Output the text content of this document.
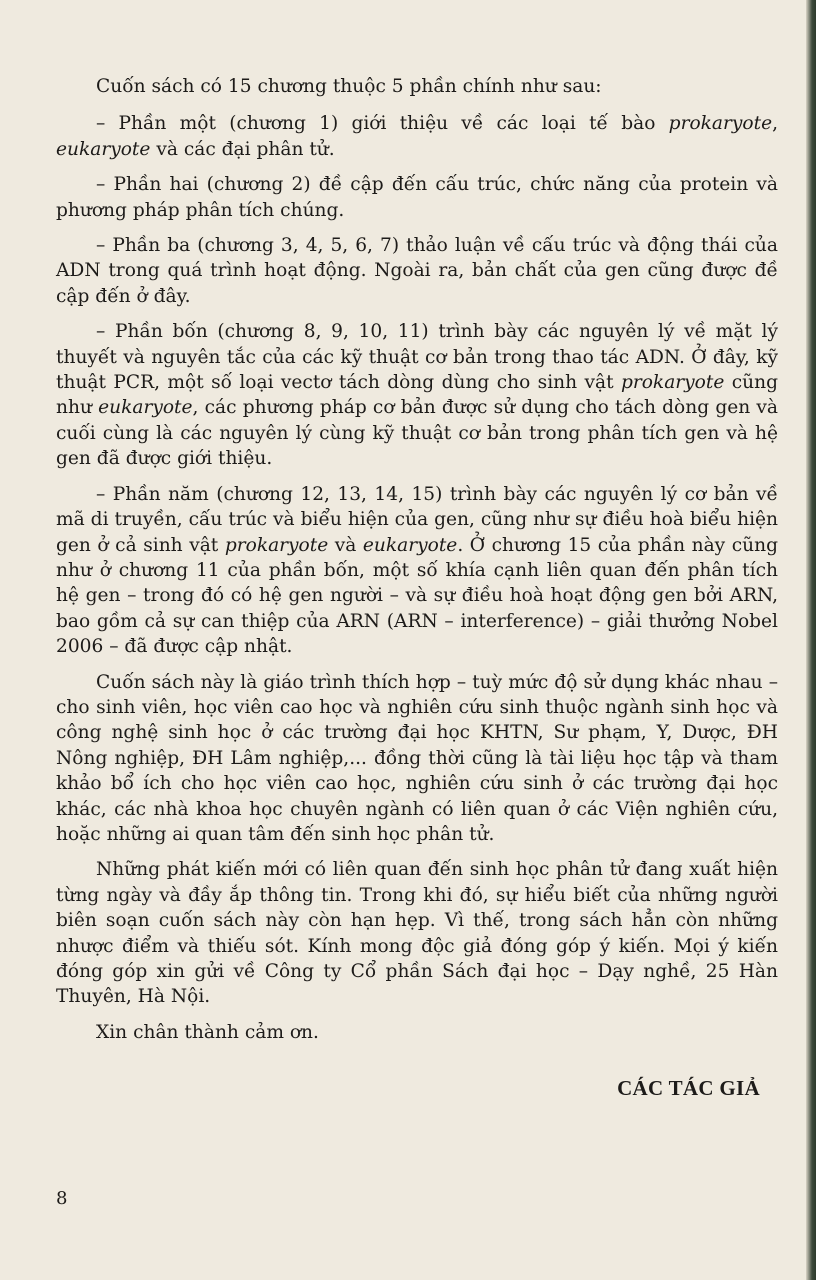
Cuốn sách có 15 chương thuộc 5 phần chính như sau:

– Phần một (chương 1) giới thiệu về các loại tế bào prokaryote, eukaryote và các đại phân tử.

– Phần hai (chương 2) đề cập đến cấu trúc, chức năng của protein và phương pháp phân tích chúng.

– Phần ba (chương 3, 4, 5, 6, 7) thảo luận về cấu trúc và động thái của ADN trong quá trình hoạt động. Ngoài ra, bản chất của gen cũng được đề cập đến ở đây.

– Phần bốn (chương 8, 9, 10, 11) trình bày các nguyên lý về mặt lý thuyết và nguyên tắc của các kỹ thuật cơ bản trong thao tác ADN. Ở đây, kỹ thuật PCR, một số loại vectơ tách dòng dùng cho sinh vật prokaryote cũng như eukaryote, các phương pháp cơ bản được sử dụng cho tách dòng gen và cuối cùng là các nguyên lý cùng kỹ thuật cơ bản trong phân tích gen và hệ gen đã được giới thiệu.

– Phần năm (chương 12, 13, 14, 15) trình bày các nguyên lý cơ bản về mã di truyền, cấu trúc và biểu hiện của gen, cũng như sự điều hoà biểu hiện gen ở cả sinh vật prokaryote và eukaryote. Ở chương 15 của phần này cũng như ở chương 11 của phần bốn, một số khía cạnh liên quan đến phân tích hệ gen – trong đó có hệ gen người – và sự điều hoà hoạt động gen bởi ARN, bao gồm cả sự can thiệp của ARN (ARN – interference) – giải thưởng Nobel 2006 – đã được cập nhật.

Cuốn sách này là giáo trình thích hợp – tuỳ mức độ sử dụng khác nhau – cho sinh viên, học viên cao học và nghiên cứu sinh thuộc ngành sinh học và công nghệ sinh học ở các trường đại học KHTN, Sư phạm, Y, Dược, ĐH Nông nghiệp, ĐH Lâm nghiệp,... đồng thời cũng là tài liệu học tập và tham khảo bổ ích cho học viên cao học, nghiên cứu sinh ở các trường đại học khác, các nhà khoa học chuyên ngành có liên quan ở các Viện nghiên cứu, hoặc những ai quan tâm đến sinh học phân tử.

Những phát kiến mới có liên quan đến sinh học phân tử đang xuất hiện từng ngày và đầy ắp thông tin. Trong khi đó, sự hiểu biết của những người biên soạn cuốn sách này còn hạn hẹp. Vì thế, trong sách hẳn còn những nhược điểm và thiếu sót. Kính mong độc giả đóng góp ý kiến. Mọi ý kiến đóng góp xin gửi về Công ty Cổ phần Sách đại học – Dạy nghề, 25 Hàn Thuyên, Hà Nội.

Xin chân thành cảm ơn.

CÁC TÁC GIẢ
8
